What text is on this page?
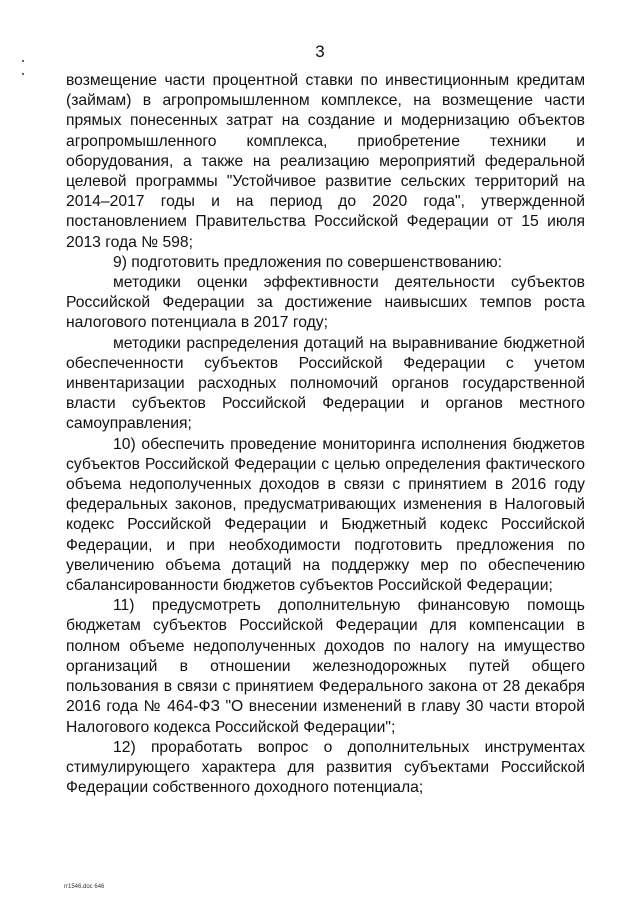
3

возмещение части процентной ставки по инвестиционным кредитам (займам) в агропромышленном комплексе, на возмещение части прямых понесенных затрат на создание и модернизацию объектов агропромышленного комплекса, приобретение техники и оборудования, а также на реализацию мероприятий федеральной целевой программы "Устойчивое развитие сельских территорий на 2014–2017 годы и на период до 2020 года", утвержденной постановлением Правительства Российской Федерации от 15 июля 2013 года № 598;

9) подготовить предложения по совершенствованию:

методики оценки эффективности деятельности субъектов Российской Федерации за достижение наивысших темпов роста налогового потенциала в 2017 году;

методики распределения дотаций на выравнивание бюджетной обеспеченности субъектов Российской Федерации с учетом инвентаризации расходных полномочий органов государственной власти субъектов Российской Федерации и органов местного самоуправления;

10) обеспечить проведение мониторинга исполнения бюджетов субъектов Российской Федерации с целью определения фактического объема недополученных доходов в связи с принятием в 2016 году федеральных законов, предусматривающих изменения в Налоговый кодекс Российской Федерации и Бюджетный кодекс Российской Федерации, и при необходимости подготовить предложения по увеличению объема дотаций на поддержку мер по обеспечению сбалансированности бюджетов субъектов Российской Федерации;

11) предусмотреть дополнительную финансовую помощь бюджетам субъектов Российской Федерации для компенсации в полном объеме недополученных доходов по налогу на имущество организаций в отношении железнодорожных путей общего пользования в связи с принятием Федерального закона от 28 декабря 2016 года № 464-ФЗ "О внесении изменений в главу 30 части второй Налогового кодекса Российской Федерации";

12) проработать вопрос о дополнительных инструментах стимулирующего характера для развития субъектами Российской Федерации собственного доходного потенциала;

rr1546.doc 646
